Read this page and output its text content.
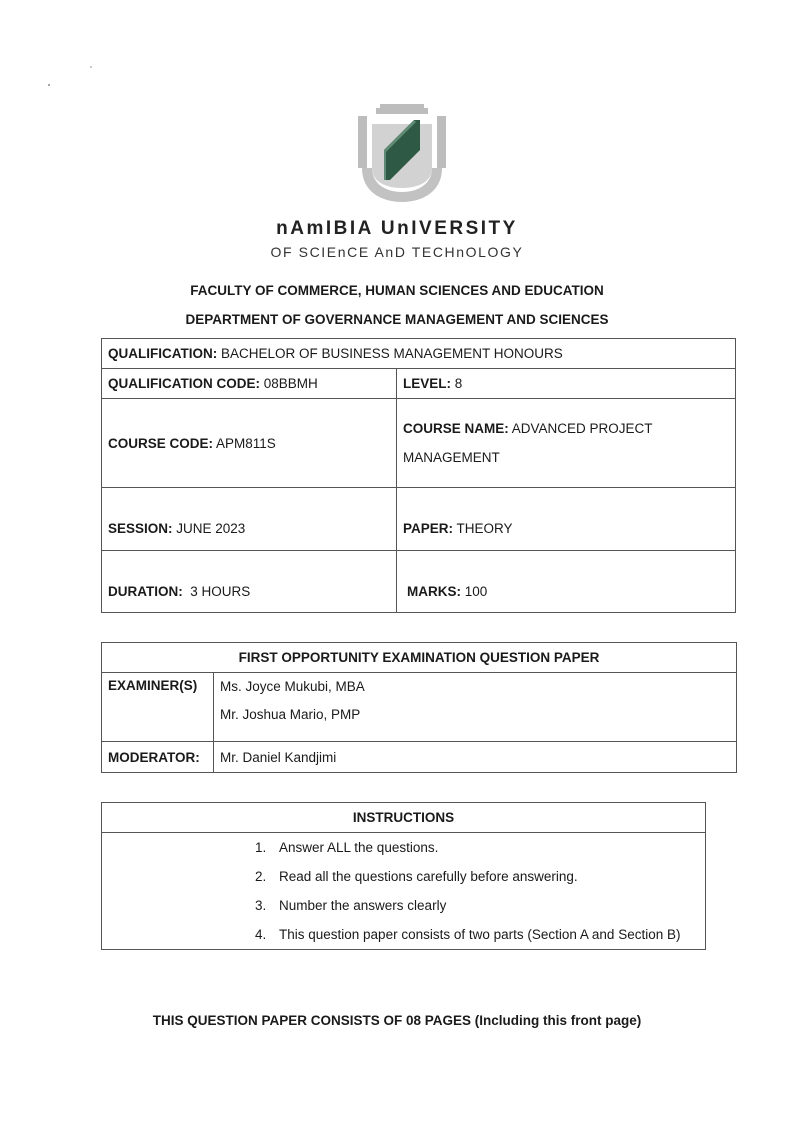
nAmIBIA UnIVERSITY
OF SCIEnCE AnD TECHnOLOGY
FACULTY OF COMMERCE, HUMAN SCIENCES AND EDUCATION
DEPARTMENT OF GOVERNANCE MANAGEMENT AND SCIENCES
QUALIFICATION: BACHELOR OF BUSINESS MANAGEMENT HONOURS	
QUALIFICATION CODE: 08BBMH	LEVEL: 8
COURSE CODE: APM811S	COURSE NAME: ADVANCED PROJECT
MANAGEMENT
SESSION: JUNE 2023	PAPER: THEORY
DURATION: 3 HOURS	MARKS: 100
FIRST OPPORTUNITY EXAMINATION QUESTION PAPER	
EXAMINER(S)	Ms. Joyce Mukubi, MBA
Mr. Joshua Mario, PMP

MODERATOR:	Mr. Daniel Kandjimi
INSTRUCTIONS

1. Answer ALL the questions.
2. Read all the questions carefully before answering.
3. Number the answers clearly
4. This question paper consists of two parts (Section A and Section B)
THIS QUESTION PAPER CONSISTS OF 08 PAGES (Including this front page)
